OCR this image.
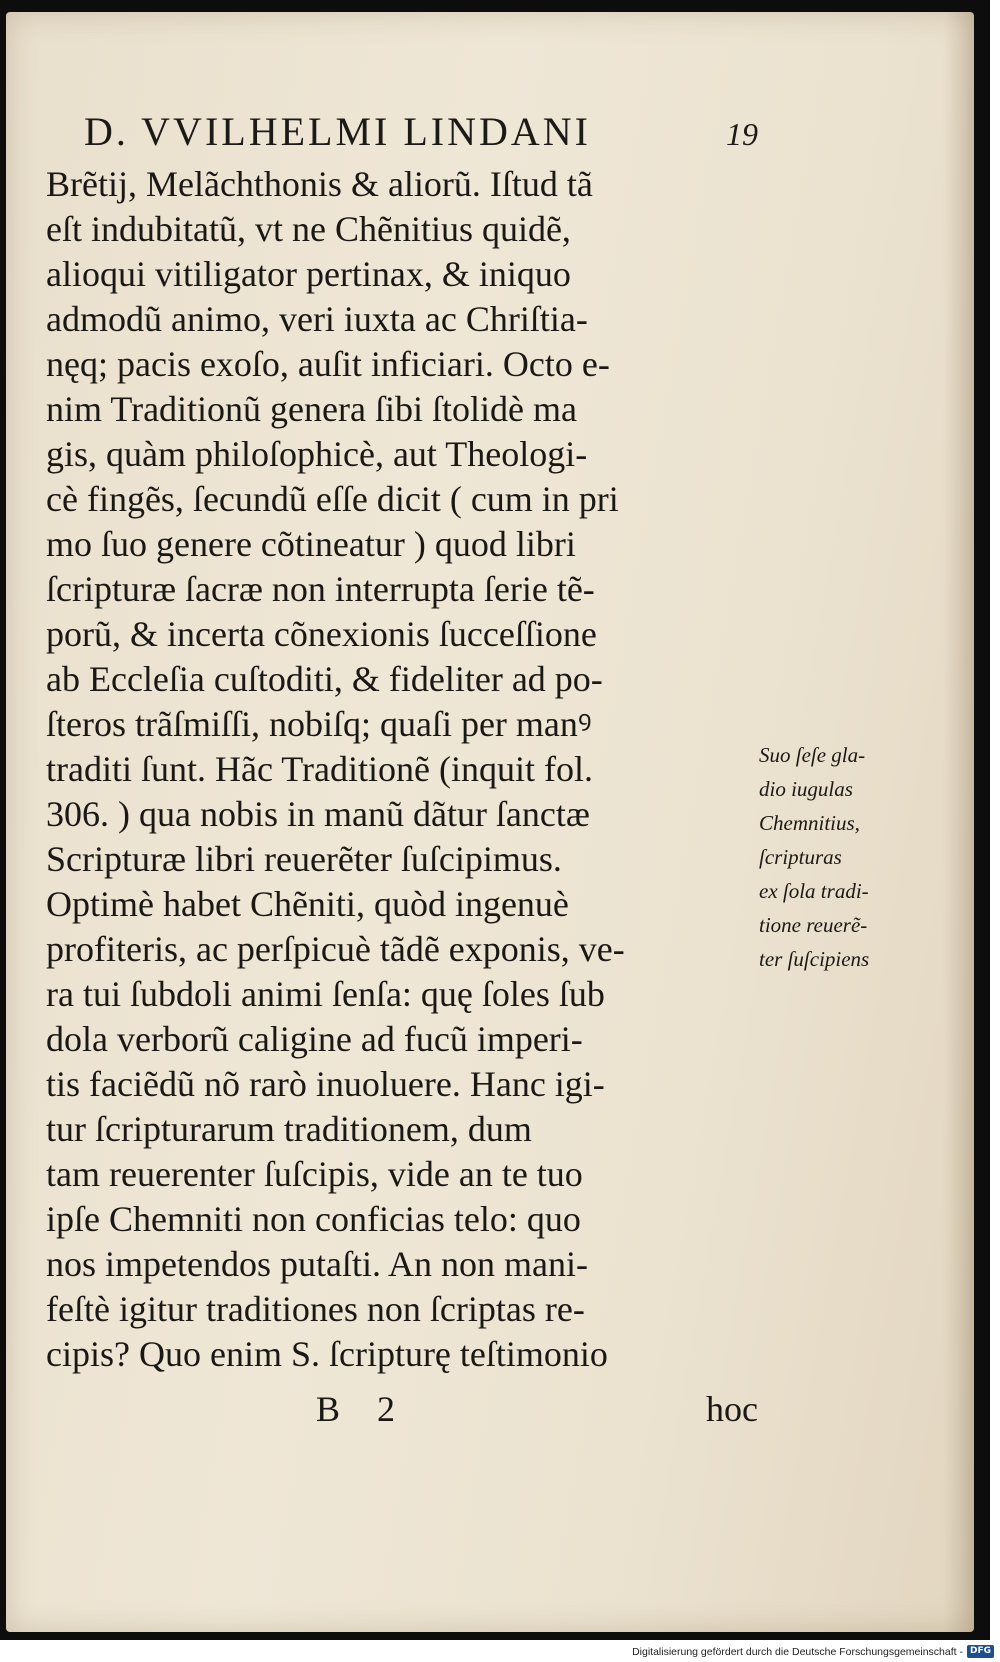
D. VVILHELMI LINDANI	19
Brẽtij, Melãchthonis & aliorũ. Iſtud tã
eſt indubitatũ, vt ne Chẽnitius quidẽ,
alioqui vitiligator pertinax, & iniquo
admodũ animo, veri iuxta ac Chriſtia-
nęq; pacis exoſo, auſit inficiari. Octo e-
nim Traditionũ genera ſibi ſtolidè ma
gis, quàm philoſophicè, aut Theologi-
cè fingẽs, ſecundũ eſſe dicit ( cum in pri
mo ſuo genere cõtineatur ) quod libri
ſcripturæ ſacræ non interrupta ſerie tẽ-
porũ, & incerta cõnexionis ſucceſſione
ab Eccleſia cuſtoditi, & fideliter ad po-
ſteros trãſmiſſi, nobiſq; quaſi per manꝰ
traditi ſunt. Hãc Traditionẽ (inquit fol.
306. ) qua nobis in manũ dãtur ſanctæ
Scripturæ libri reuerẽter ſuſcipimus.
Optimè habet Chẽniti, quòd ingenuè
profiteris, ac perſpicuè tãdẽ exponis, ve-
ra tui ſubdoli animi ſenſa: quę ſoles ſub
dola verborũ caligine ad fucũ imperi-
tis faciẽdũ nõ rarò inuoluere. Hanc igi-
tur ſcripturarum traditionem, dum
tam reuerenter ſuſcipis, vide an te tuo
ipſe Chemniti non conficias telo: quo
nos impetendos putaſti. An non mani-
feſtè igitur traditiones non ſcriptas re-
cipis? Quo enim S. ſcripturę teſtimonio
Suo ſeſe gla-
dio iugulas
Chemnitius,
ſcripturas
ex ſola tradi-
tione reuerẽ-
ter ſuſcipiens
B 2	hoc
Digitalisierung gefördert durch die Deutsche Forschungsgemeinschaft - DFG
